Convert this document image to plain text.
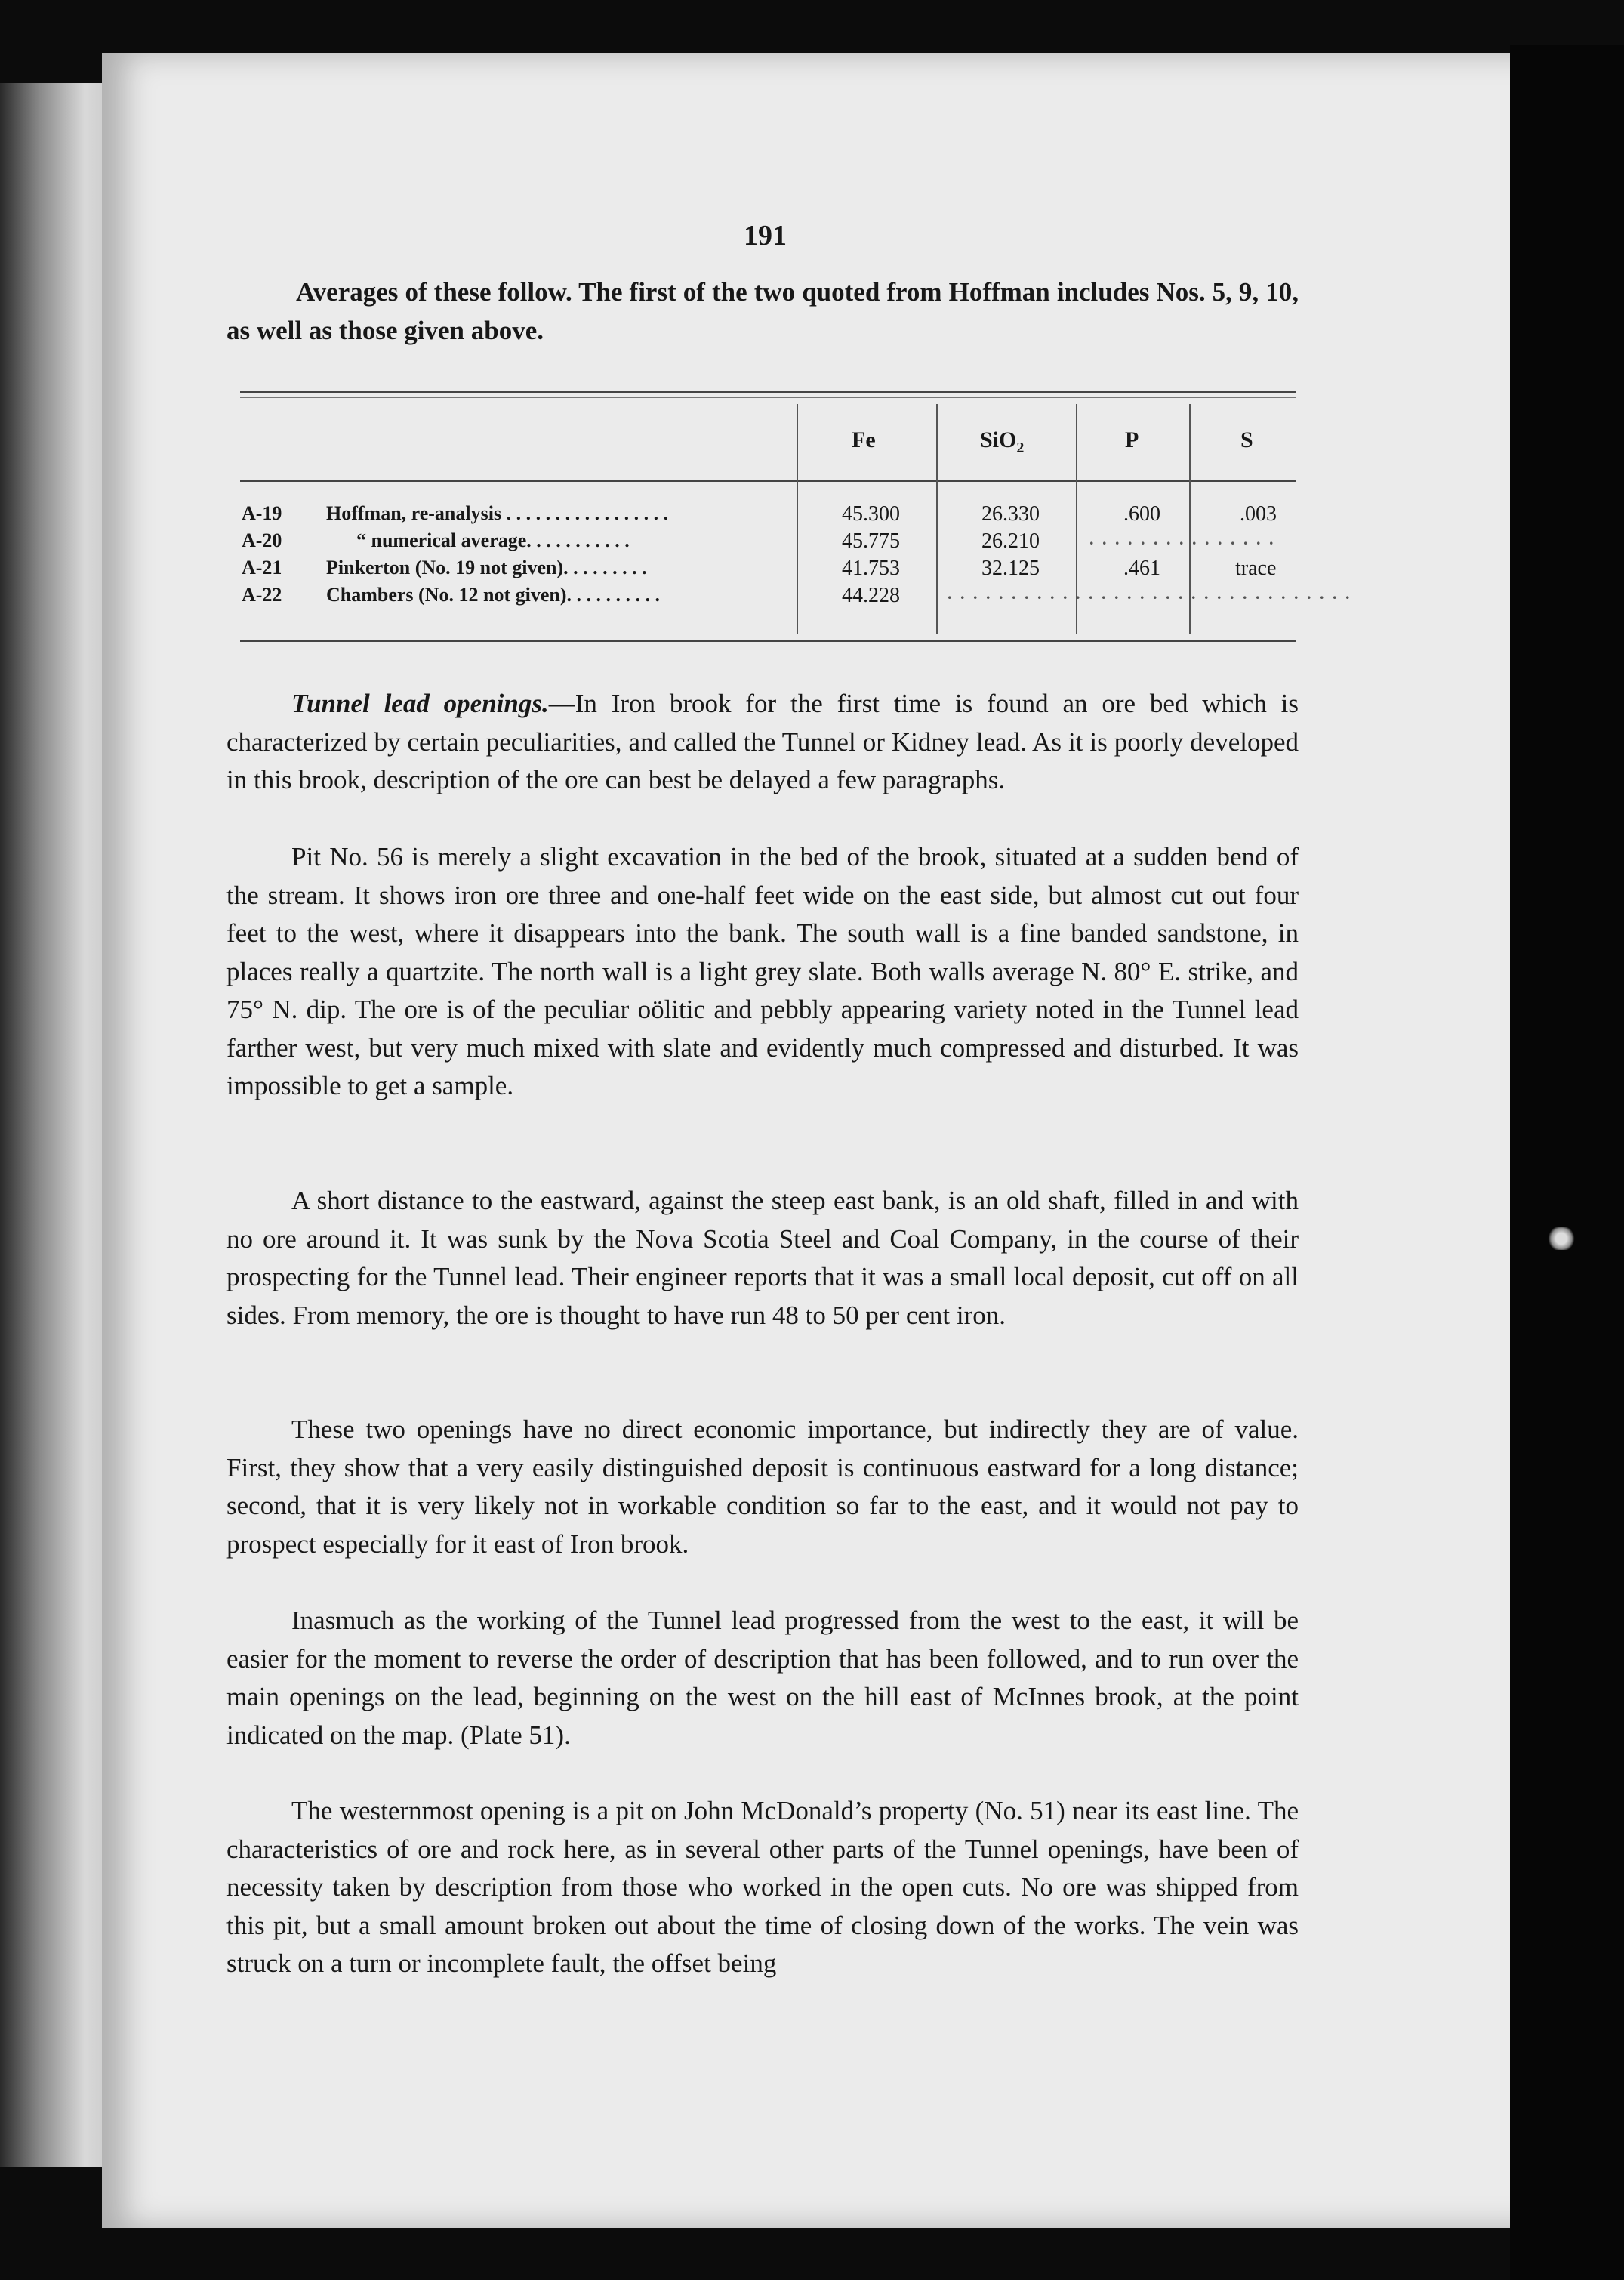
191

Averages of these follow. The first of the two quoted from Hoffman includes Nos. 5, 9, 10, as well as those given above.

Fe	SiO$_2$	P	S
A-19	Hoffman, re-analysis . . . . . . . . . . . . . . . . .	45.300	26.330	.600	.003
A-20	“ numerical average. . . . . . . . . . .	45.775	26.210	. . . . . . . . . . . . . . .
A-21	Pinkerton (No. 19 not given). . . . . . . . .	41.753	32.125	.461	trace
A-22	Chambers (No. 12 not given). . . . . . . . . .	44.228	. . . . . . . . . . . . . . . . . . . . . . . . . . . . . . . .

Tunnel lead openings.—In Iron brook for the first time is found an ore bed which is characterized by certain peculiarities, and called the Tunnel or Kidney lead. As it is poorly developed in this brook, description of the ore can best be delayed a few paragraphs.

Pit No. 56 is merely a slight excavation in the bed of the brook, situated at a sudden bend of the stream. It shows iron ore three and one-half feet wide on the east side, but almost cut out four feet to the west, where it disappears into the bank. The south wall is a fine banded sandstone, in places really a quartzite. The north wall is a light grey slate. Both walls average N. 80° E. strike, and 75° N. dip. The ore is of the peculiar oölitic and pebbly appearing variety noted in the Tunnel lead farther west, but very much mixed with slate and evidently much compressed and disturbed. It was impossible to get a sample.

A short distance to the eastward, against the steep east bank, is an old shaft, filled in and with no ore around it. It was sunk by the Nova Scotia Steel and Coal Company, in the course of their prospecting for the Tunnel lead. Their engineer reports that it was a small local deposit, cut off on all sides. From memory, the ore is thought to have run 48 to 50 per cent iron.

These two openings have no direct economic importance, but indirectly they are of value. First, they show that a very easily distinguished deposit is continuous eastward for a long distance; second, that it is very likely not in workable condition so far to the east, and it would not pay to prospect especially for it east of Iron brook.

Inasmuch as the working of the Tunnel lead progressed from the west to the east, it will be easier for the moment to reverse the order of description that has been followed, and to run over the main openings on the lead, beginning on the west on the hill east of McInnes brook, at the point indicated on the map. (Plate 51).

The westernmost opening is a pit on John McDonald’s property (No. 51) near its east line. The characteristics of ore and rock here, as in several other parts of the Tunnel openings, have been of necessity taken by description from those who worked in the open cuts. No ore was shipped from this pit, but a small amount broken out about the time of closing down of the works. The vein was struck on a turn or incomplete fault, the offset being
